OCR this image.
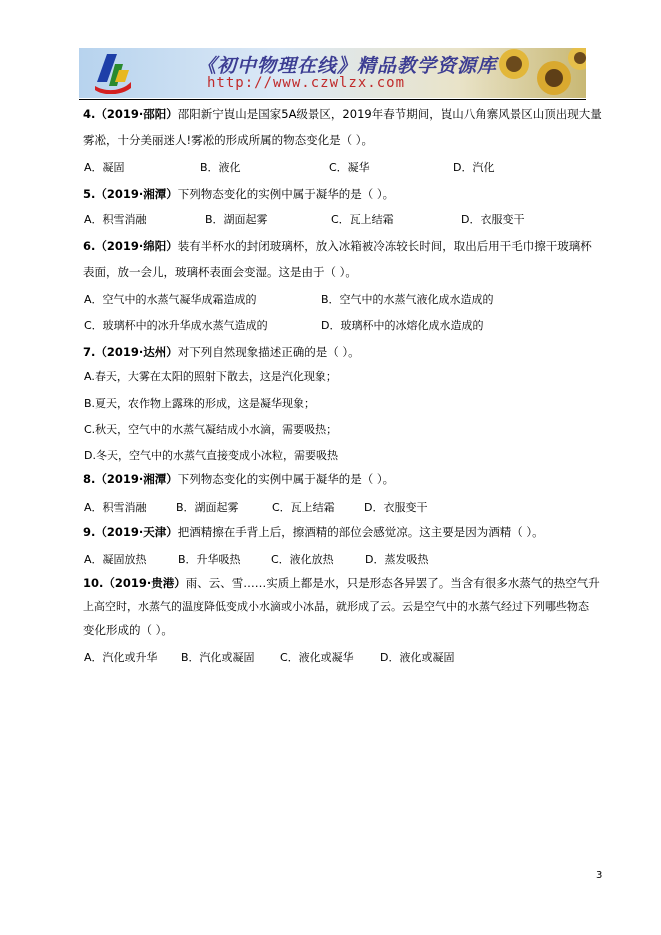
《初中物理在线》精品教学资源库
http://www.czwlzx.com
4.（2019·邵阳）邵阳新宁崀山是国家5A级景区，2019年春节期间，崀山八角寨风景区山顶出现大量
雾凇，十分美丽迷人!雾凇的形成所属的物态变化是（ ）。
A．凝固	B．液化	C．凝华	D．汽化
5.（2019·湘潭）下列物态变化的实例中属于凝华的是（ ）。
A．积雪消融	B．湖面起雾	C．瓦上结霜	D．衣服变干
6.（2019·绵阳）装有半杯水的封闭玻璃杯，放入冰箱被冷冻较长时间，取出后用干毛巾擦干玻璃杯
表面，放一会儿，玻璃杯表面会变湿。这是由于（ ）。
A．空气中的水蒸气凝华成霜造成的	B．空气中的水蒸气液化成水造成的
C．玻璃杯中的冰升华成水蒸气造成的	D．玻璃杯中的冰熔化成水造成的
7.（2019·达州）对下列自然现象描述正确的是（ ）。
A.春天，大雾在太阳的照射下散去，这是汽化现象；
B.夏天，农作物上露珠的形成，这是凝华现象；
C.秋天，空气中的水蒸气凝结成小水滴，需要吸热；
D.冬天，空气中的水蒸气直接变成小冰粒，需要吸热
8.（2019·湘潭）下列物态变化的实例中属于凝华的是（ ）。
A．积雪消融	B．湖面起雾	C．瓦上结霜	D．衣服变干
9.（2019·天津）把酒精擦在手背上后，擦酒精的部位会感觉凉。这主要是因为酒精（ ）。
A．凝固放热	B．升华吸热	C．液化放热	D．蒸发吸热
10.（2019·贵港）雨、云、雪……实质上都是水，只是形态各异罢了。当含有很多水蒸气的热空气升
上高空时，水蒸气的温度降低变成小水滴或小冰晶，就形成了云。云是空气中的水蒸气经过下列哪些物态
变化形成的（ ）。
A．汽化或升华 B．汽化或凝固 C．液化或凝华 D．液化或凝固
3
